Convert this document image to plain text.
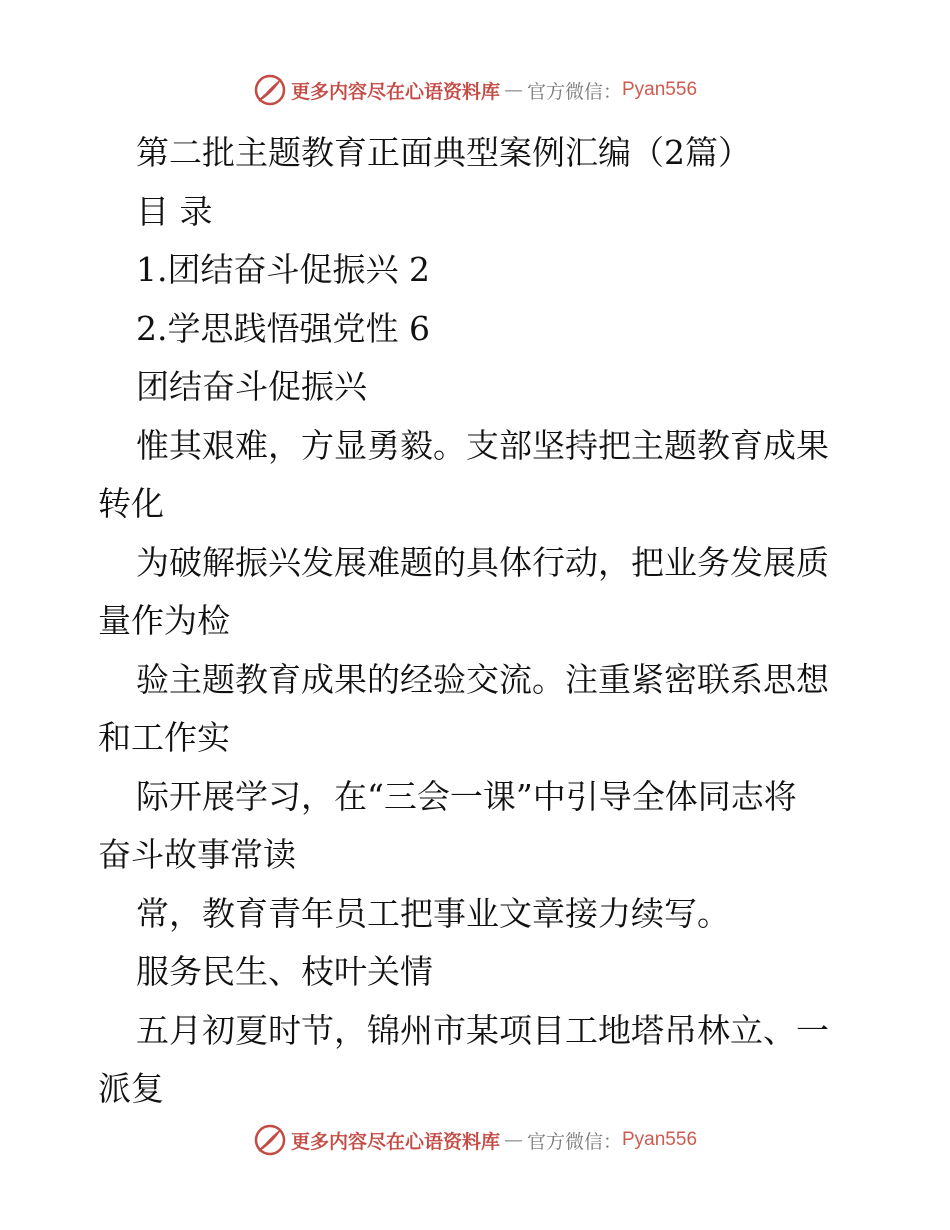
更多内容尽在心语资料库 — 官方微信： Pyan556
第二批主题教育正面典型案例汇编（2篇）
目 录
1.团结奋斗促振兴 2
2.学思践悟强党性 6
团结奋斗促振兴
惟其艰难，方显勇毅。支部坚持把主题教育成果
转化
为破解振兴发展难题的具体行动，把业务发展质
量作为检
验主题教育成果的经验交流。注重紧密联系思想
和工作实
际开展学习，在“三会一课”中引导全体同志将
奋斗故事常读
常，教育青年员工把事业文章接力续写。
服务民生、枝叶关情
五月初夏时节，锦州市某项目工地塔吊林立、一
派复
更多内容尽在心语资料库 — 官方微信： Pyan556
